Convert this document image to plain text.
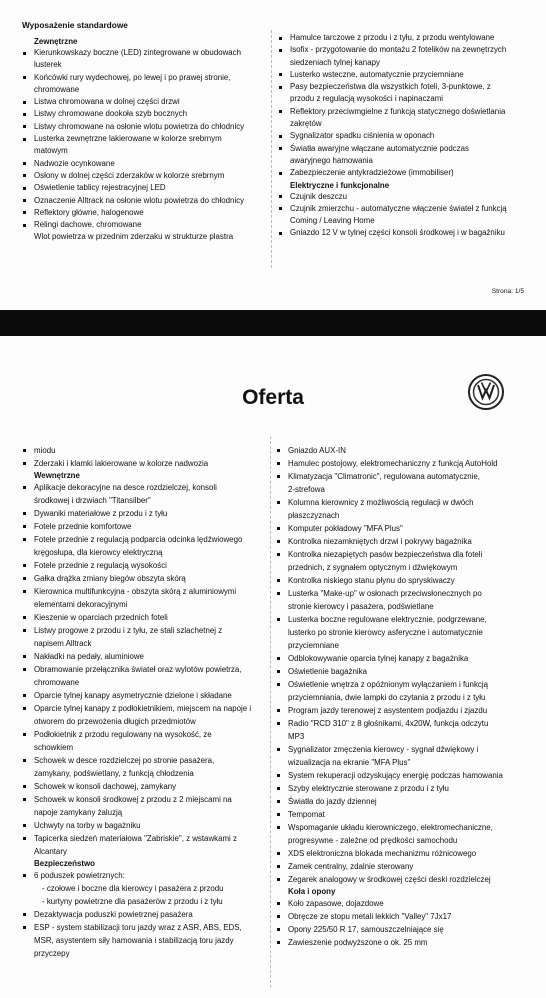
Wyposażenie standardowe
Zewnętrzne
Kierunkowskazy boczne (LED) zintegrowane w obudowach
lusterek
Końcówki rury wydechowej, po lewej i po prawej stronie,
chromowane
Listwa chromowana w dolnej części drzwi
Listwy chromowane dookoła szyb bocznych
Listwy chromowane na osłonie wlotu powietrza do chłodnicy
Lusterka zewnętrzne lakierowane w kolorze srebrnym
matowym
Nadwozie ocynkowane
Osłony w dolnej części zderzaków w kolorze srebrnym
Oświetlenie tablicy rejestracyjnej LED
Oznaczenie Alltrack na osłonie wlotu powietrza do chłodnicy
Reflektory główne, halogenowe
Relingi dachowe, chromowane
Wlot powietrza w przednim zderzaku w strukturze plastra
Hamulce tarczowe z przodu i z tyłu, z przodu wentylowane
Isofix - przygotowanie do montażu 2 fotelików na zewnętrzych
siedzeniach tylnej kanapy
Lusterko wsteczne, automatycznie przyciemniane
Pasy bezpieczeństwa dla wszystkich foteli, 3-punktowe, z
przodu z regulacją wysokości i napinaczami
Reflektory przeciwmgielne z funkcją statycznego doświetlania
zakrętów
Sygnalizator spadku ciśnienia w oponach
Światła awaryjne włączane automatycznie podczas
awaryjnego hamowania
Zabezpieczenie antykradzieżowe (immobiliser)
Elektryczne i funkcjonalne
Czujnik deszczu
Czujnik zmierzchu - automatyczne włączenie świateł z funkcją
Coming / Leaving Home
Gniazdo 12 V w tylnej części konsoli środkowej i w bagażniku
Strona: 1/5
Oferta
miodu
Zderzaki i klamki lakierowane w kolorze nadwozia
Wewnętrzne
Aplikacje dekoracyjne na desce rozdzielczej, konsoli
środkowej i drzwiach "Titansilber"
Dywaniki materiałowe z przodu i z tyłu
Fotele przednie komfortowe
Fotele przednie z regulacją podparcia odcinka lędźwiowego
kręgosłupa, dla kierowcy elektryczną
Fotele przednie z regulacją wysokości
Gałka drążka zmiany biegów obszyta skórą
Kierownica multifunkcyjna - obszyta skórą z aluminiowymi
elementami dekoracyjnymi
Kieszenie w oparciach przednich foteli
Listwy progowe z przodu i z tyłu, ze stali szlachetnej z
napisem Alltrack
Nakładki na pedały, aluminiowe
Obramowanie przełącznika świateł oraz wylotów powietrza,
chromowane
Oparcie tylnej kanapy asymetrycznie dzielone i składane
Oparcie tylnej kanapy z podłokietnikiem, miejscem na napoje i
otworem do przewożenia długich przedmiotów
Podłokietnik z przodu regulowany na wysokość, ze
schowkiem
Schowek w desce rozdzielczej po stronie pasażera,
zamykany, podświetlany, z funkcją chłodzenia
Schowek w konsoli dachowej, zamykany
Schowek w konsoli środkowej z przodu z 2 miejscami na
napoje zamykany żaluzją
Uchwyty na torby w bagażniku
Tapicerka siedzeń materiałowa "Zabriskie", z wstawkami z
Alcantary
Bezpieczeństwo
6 poduszek powietrznych:
- czołowe i boczne dla kierowcy i pasażera z przodu
- kurtyny powietrzne dla pasażerów z przodu i z tyłu
Dezaktywacja poduszki powietrznej pasażera
ESP - system stabilizacji toru jazdy wraz z ASR, ABS, EDS,
MSR, asystentem siły hamowania i stabilizacją toru jazdy
przyczepy
Gniazdo AUX-IN
Hamulec postojowy, elektromechaniczny z funkcją AutoHold
Klimatyzacja "Climatronic", regulowana automatycznie,
2-strefowa
Kolumna kierownicy z możliwością regulacji w dwóch
płaszczyznach
Komputer pokładowy "MFA Plus"
Kontrolka niezamkniętych drzwi i pokrywy bagażnika
Kontrolka niezapiętych pasów bezpieczeństwa dla foteli
przednich, z sygnałem optycznym i dźwiękowym
Kontrolka niskiego stanu płynu do spryskiwaczy
Lusterka "Make-up" w osłonach przeciwsłonecznych po
stronie kierowcy i pasażera, podświetlane
Lusterka boczne regulowane elektrycznie, podgrzewane,
lusterko po stronie kierowcy asferyczne i automatycznie
przyciemniane
Odblokowywanie oparcia tylnej kanapy z bagażnika
Oświetlenie bagażnika
Oświetlenie wnętrza z opóźnionym wyłączaniem i funkcją
przyciemniania, dwie lampki do czytania z przodu i z tyłu
Program jazdy terenowej z asystentem podjazdu i zjazdu
Radio "RCD 310" z 8 głośnikami, 4x20W, funkcja odczytu
MP3
Sygnalizator zmęczenia kierowcy - sygnał dźwiękowy i
wizualizacja na ekranie "MFA Plus"
System rekuperacji odzyskujący energię podczas hamowania
Szyby elektrycznie sterowane z przodu i z tyłu
Światła do jazdy dziennej
Tempomat
Wspomaganie układu kierowniczego, elektromechaniczne,
progresywne - zależne od prędkości samochodu
XDS elektroniczna blokada mechanizmu różnicowego
Zamek centralny, zdalnie sterowany
Zegarek analogowy w środkowej części deski rozdzielczej
Koła i opony
Koło zapasowe, dojazdowe
Obręcze ze stopu metali lekkich "Valley" 7Jx17
Opony 225/50 R 17, samouszczelniające się
Zawieszenie podwyższone o ok. 25 mm
